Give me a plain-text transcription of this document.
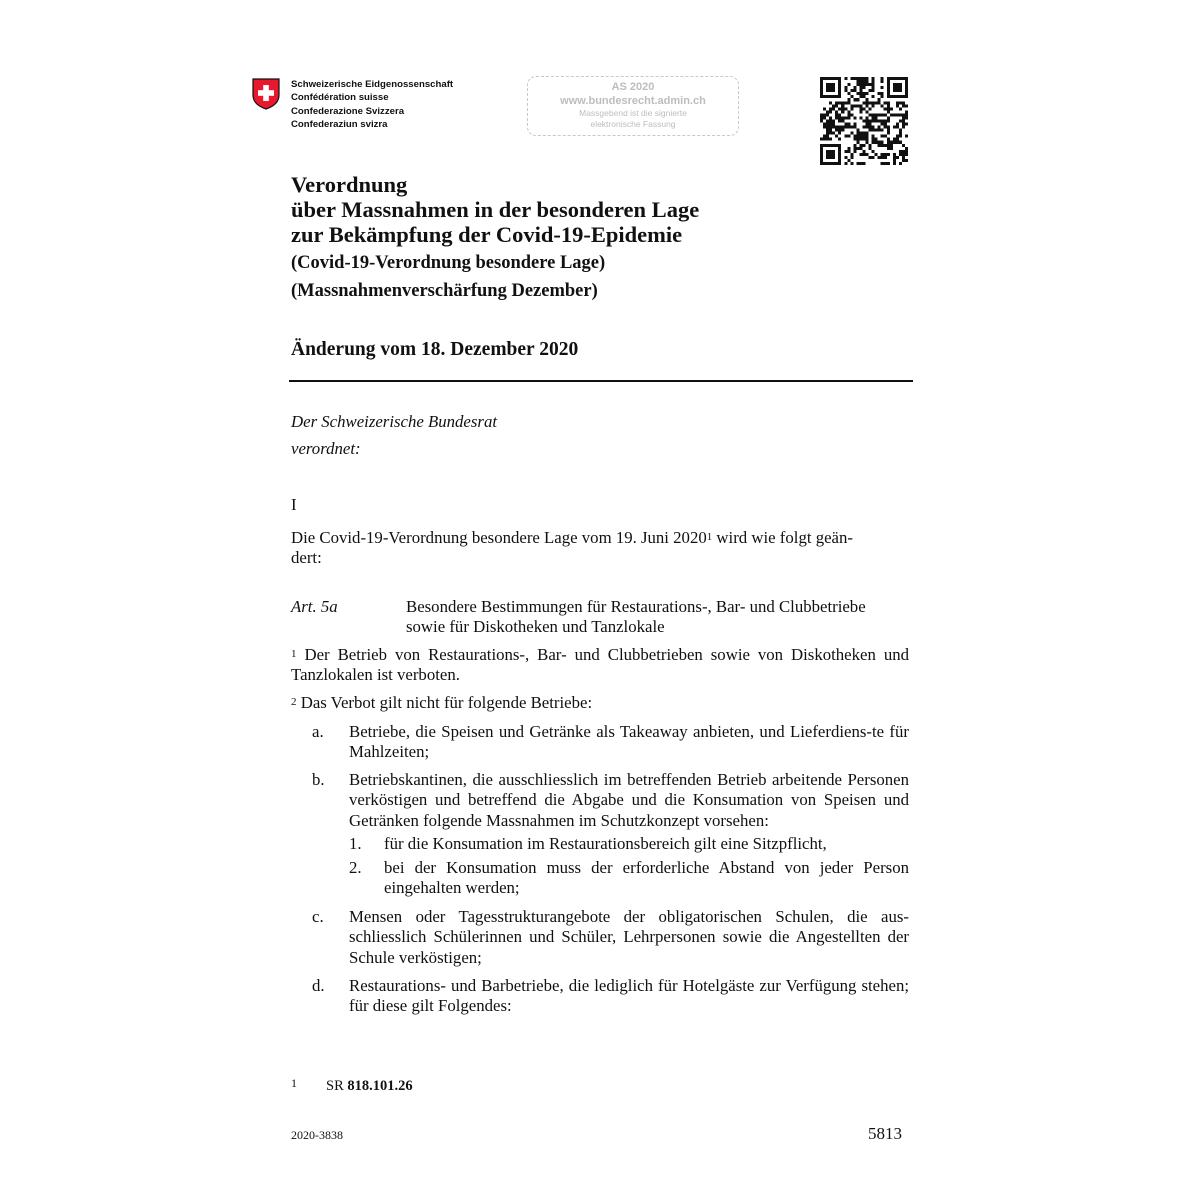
Schweizerische Eidgenossenschaft
Confédération suisse
Confederazione Svizzera
Confederaziun svizra
AS 2020
www.bundesrecht.admin.ch
Massgebend ist die signierte
elektronische Fassung
Verordnung
über Massnahmen in der besonderen Lage
zur Bekämpfung der Covid-19-Epidemie
(Covid-19-Verordnung besondere Lage)
(Massnahmenverschärfung Dezember)
Änderung vom 18. Dezember 2020
Der Schweizerische Bundesrat
verordnet:
I
Die Covid-19-Verordnung besondere Lage vom 19. Juni 2020$^1$ wird wie folgt geän-
dert:
Art. 5a	Besondere Bestimmungen für Restaurations-, Bar- und Clubbetriebe
sowie für Diskotheken und Tanzlokale
$^1$ Der Betrieb von Restaurations-, Bar- und Clubbetrieben sowie von Diskotheken und Tanzlokalen ist verboten.
$^2$ Das Verbot gilt nicht für folgende Betriebe:
a. Betriebe, die Speisen und Getränke als Takeaway anbieten, und Lieferdiens-te für Mahlzeiten;
b. Betriebskantinen, die ausschliesslich im betreffenden Betrieb arbeitende Personen verköstigen und betreffend die Abgabe und die Konsumation von Speisen und Getränken folgende Massnahmen im Schutzkonzept vorsehen:
1. für die Konsumation im Restaurationsbereich gilt eine Sitzpflicht,
2. bei der Konsumation muss der erforderliche Abstand von jeder Person eingehalten werden;
c. Mensen oder Tagesstrukturangebote der obligatorischen Schulen, die aus-schliesslich Schülerinnen und Schüler, Lehrpersonen sowie die Angestellten der Schule verköstigen;
d. Restaurations- und Barbetriebe, die lediglich für Hotelgäste zur Verfügung stehen; für diese gilt Folgendes:
1 SR 818.101.26
2020-3838	5813
